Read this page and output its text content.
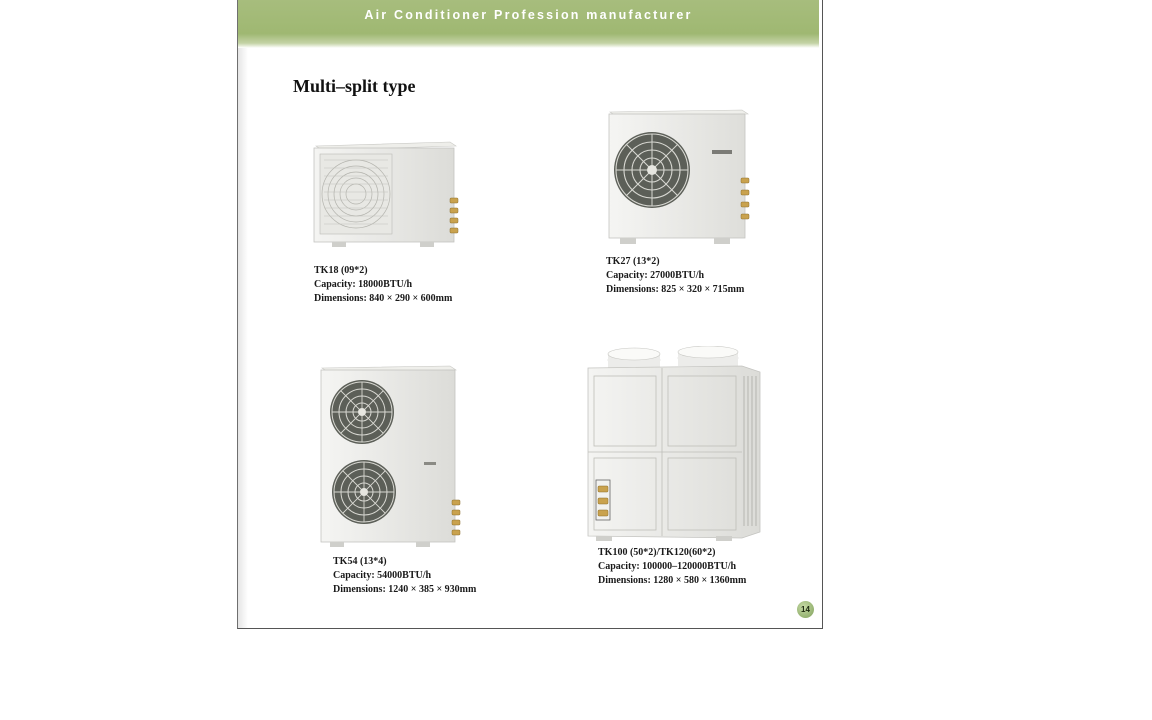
Air Conditioner Profession manufacturer
Multi–split type
TK18 (09*2)
Capacity: 18000BTU/h
Dimensions: 840 × 290 × 600mm
TK27 (13*2)
Capacity: 27000BTU/h
Dimensions: 825 × 320 × 715mm
TK54 (13*4)
Capacity: 54000BTU/h
Dimensions: 1240 × 385 × 930mm
TK100 (50*2)/TK120(60*2)
Capacity: 100000–120000BTU/h
Dimensions: 1280 × 580 × 1360mm
14
